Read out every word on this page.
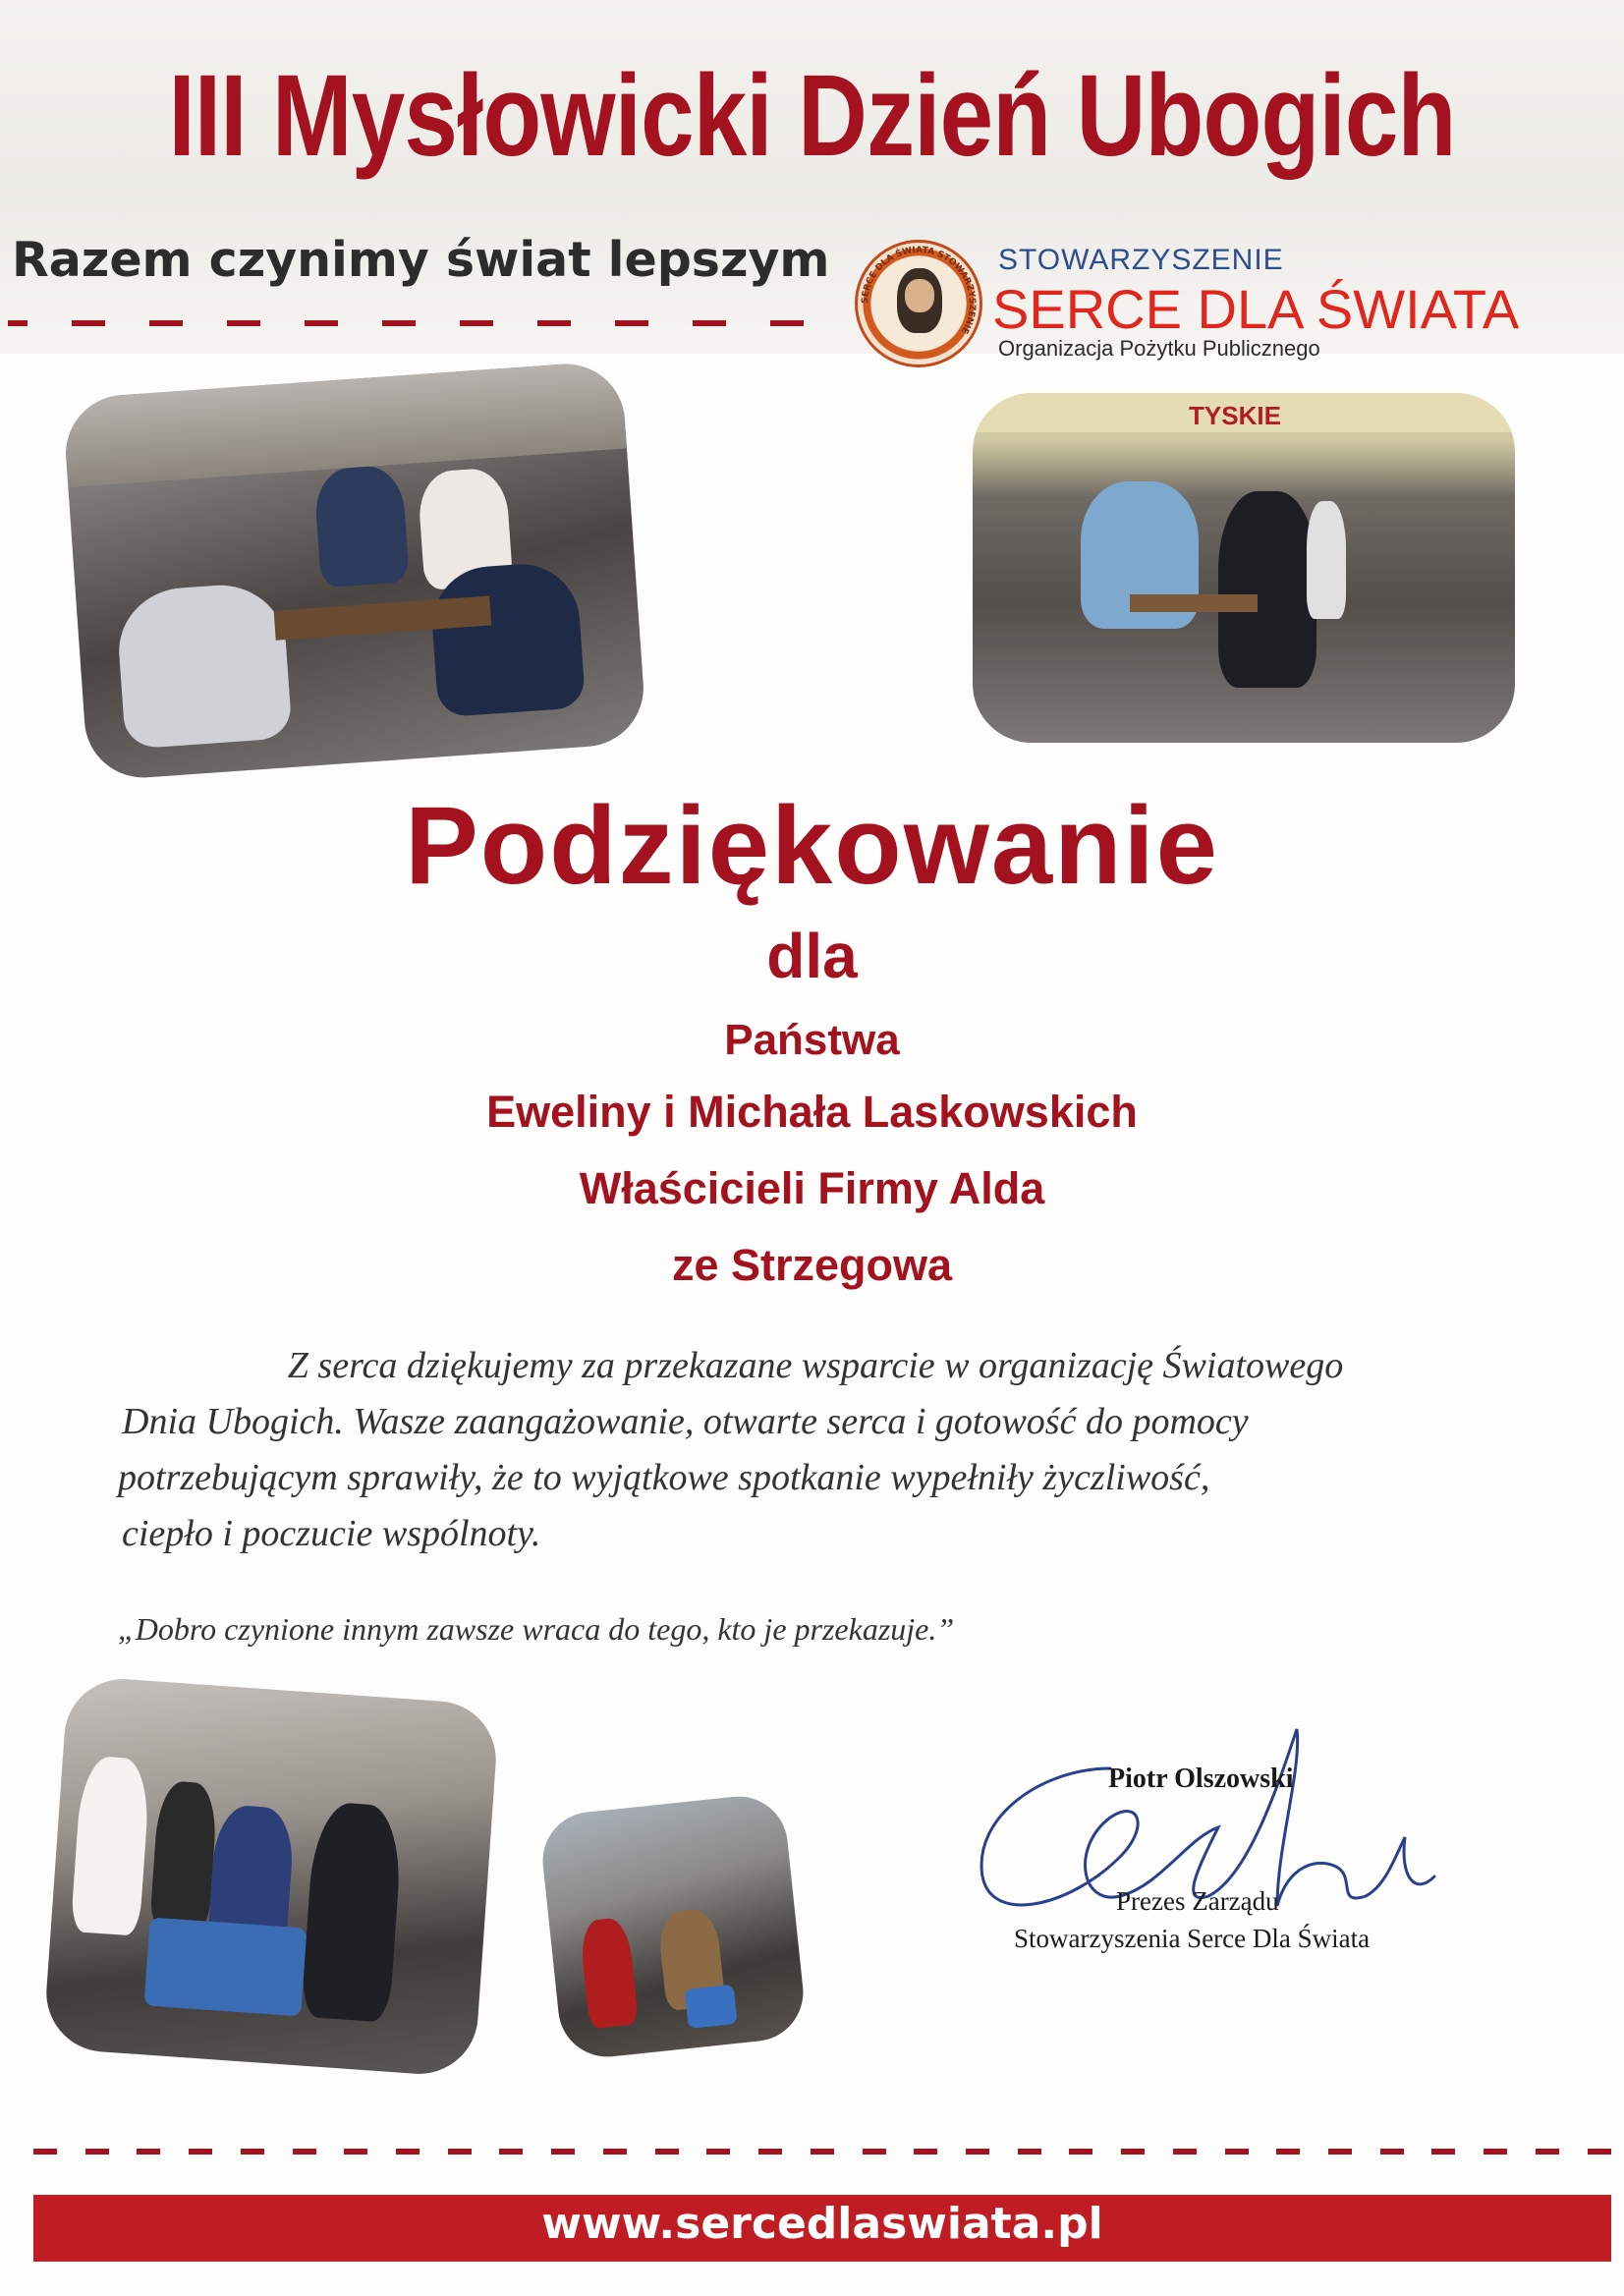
III Mysłowicki Dzień Ubogich
Razem czynimy świat lepszym
SERCE DLA ŚWIATA STOWARZYSZENIE
STOWARZYSZENIE
SERCE DLA ŚWIATA
Organizacja Pożytku Publicznego
TYSKIE
Podziękowanie
dla
Państwa
Eweliny i Michała Laskowskich
Właścicieli Firmy Alda
ze Strzegowa
Z serca dziękujemy za przekazane wsparcie w organizację Światowego
Dnia Ubogich. Wasze zaangażowanie, otwarte serca i gotowość do pomocy
potrzebującym sprawiły, że to wyjątkowe spotkanie wypełniły życzliwość,
ciepło i poczucie wspólnoty.
„Dobro czynione innym zawsze wraca do tego, kto je przekazuje.”
Piotr Olszowski
Piotr Olszowski
Prezes Zarządu
Stowarzyszenia Serce Dla Świata
www.sercedlaswiata.pl
